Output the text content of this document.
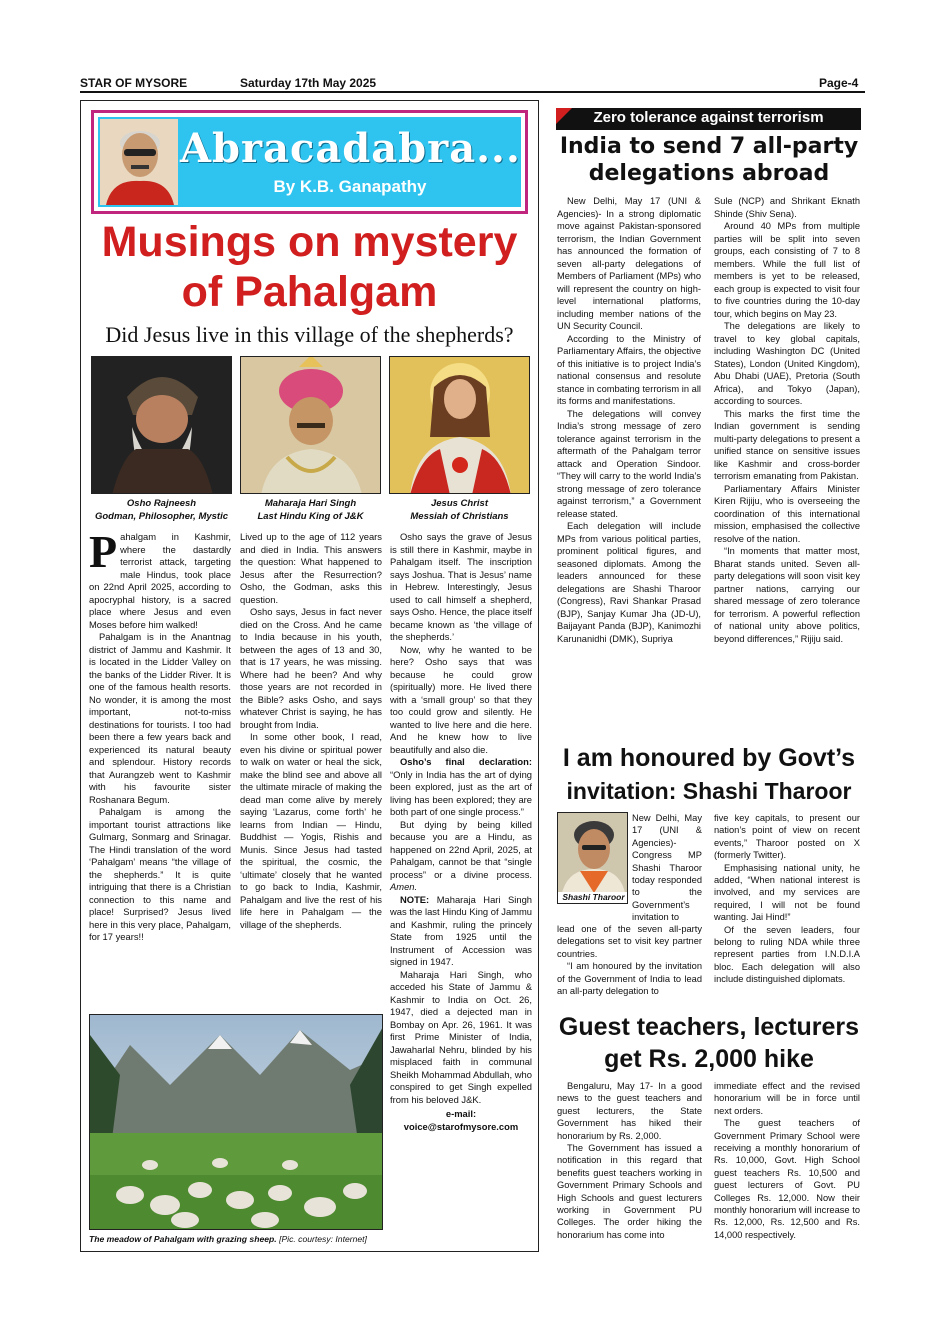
STAR OF MYSORE	Saturday 17th May 2025	Page-4
Abracadabra...
By K.B. Ganapathy
Musings on mystery
of Pahalgam
Did Jesus live in this village of the shepherds?
Osho Rajneesh
Godman, Philosopher, Mystic
Maharaja Hari Singh
Last Hindu King of J&K
Jesus Christ
Messiah of Christians

Pahalgam in Kashmir, where the dastardly terrorist attack, targeting male Hindus, took place on 22nd April 2025, according to apocryphal history, is a sacred place where Jesus and even Moses before him walked!

Pahalgam is in the Anantnag district of Jammu and Kashmir. It is located in the Lidder Valley on the banks of the Lidder River. It is one of the famous health resorts. No wonder, it is among the most important, not-to-miss destinations for tourists. I too had been there a few years back and experienced its natural beauty and splendour. History records that Aurangzeb went to Kashmir with his favourite sister Roshanara Begum.

Pahalgam is among the important tourist attractions like Gulmarg, Sonmarg and Srinagar. The Hindi translation of the word ‘Pahalgam’ means “the village of the shepherds.” It is quite intriguing that there is a Christian connection to this name and place! Surprised? Jesus lived here in this very place, Pahalgam, for 17 years!!

Lived up to the age of 112 years and died in India. This answers the question: What happened to Jesus after the Resurrection? Osho, the Godman, asks this question.

Osho says, Jesus in fact never died on the Cross. And he came to India because in his youth, between the ages of 13 and 30, that is 17 years, he was missing. Where had he been? And why those years are not recorded in the Bible? asks Osho, and says whatever Christ is saying, he has brought from India.

In some other book, I read, even his divine or spiritual power to walk on water or heal the sick, make the blind see and above all the ultimate miracle of making the dead man come alive by merely saying ‘Lazarus, come forth’ he learns from Indian — Hindu, Buddhist — Yogis, Rishis and Munis. Since Jesus had tasted the spiritual, the cosmic, the ‘ultimate’ closely that he wanted to go back to India, Kashmir, Pahalgam and live the rest of his life here in Pahalgam — the village of the shepherds.

Osho says the grave of Jesus is still there in Kashmir, maybe in Pahalgam itself. The inscription says Joshua. That is Jesus’ name in Hebrew. Interestingly, Jesus used to call himself a shepherd, says Osho. Hence, the place itself became known as ‘the village of the shepherds.’

Now, why he wanted to be here? Osho says that was because he could grow (spiritually) more. He lived there with a ‘small group’ so that they too could grow and silently. He wanted to live here and die here. And he knew how to live beautifully and also die.

Osho’s final declaration: “Only in India has the art of dying been explored, just as the art of living has been explored; they are both part of one single process.”

But dying by being killed because you are a Hindu, as happened on 22nd April, 2025, at Pahalgam, cannot be that “single process” or a divine process. Amen.

NOTE: Maharaja Hari Singh was the last Hindu King of Jammu and Kashmir, ruling the princely State from 1925 until the Instrument of Accession was signed in 1947.

Maharaja Hari Singh, who acceded his State of Jammu & Kashmir to India on Oct. 26, 1947, died a dejected man in Bombay on Apr. 26, 1961. It was first Prime Minister of India, Jawaharlal Nehru, blinded by his misplaced faith in communal Sheikh Mohammad Abdullah, who conspired to get Singh expelled from his beloved J&K.

e-mail:
voice@starofmysore.com
The meadow of Pahalgam with grazing sheep. [Pic. courtesy: Internet]
Zero tolerance against terrorism
India to send 7 all-party
delegations abroad

New Delhi, May 17 (UNI & Agencies)- In a strong diplomatic move against Pakistan-sponsored terrorism, the Indian Government has announced the formation of seven all-party delegations of Members of Parliament (MPs) who will represent the country on high-level international platforms, including member nations of the UN Security Council.

According to the Ministry of Parliamentary Affairs, the objective of this initiative is to project India’s national consensus and resolute stance in combating terrorism in all its forms and manifestations.

The delegations will convey India’s strong message of zero tolerance against terrorism in the aftermath of the Pahalgam terror attack and Operation Sindoor. “They will carry to the world India’s strong message of zero tolerance against terrorism,” a Government release stated.

Each delegation will include MPs from various political parties, prominent political figures, and seasoned diplomats. Among the leaders announced for these delegations are Shashi Tharoor (Congress), Ravi Shankar Prasad (BJP), Sanjay Kumar Jha (JD-U), Baijayant Panda (BJP), Kanimozhi Karunanidhi (DMK), Supriya

Sule (NCP) and Shrikant Eknath Shinde (Shiv Sena).

Around 40 MPs from multiple parties will be split into seven groups, each consisting of 7 to 8 members. While the full list of members is yet to be released, each group is expected to visit four to five countries during the 10-day tour, which begins on May 23.

The delegations are likely to travel to key global capitals, including Washington DC (United States), London (United Kingdom), Abu Dhabi (UAE), Pretoria (South Africa), and Tokyo (Japan), according to sources.

This marks the first time the Indian government is sending multi-party delegations to present a unified stance on sensitive issues like Kashmir and cross-border terrorism emanating from Pakistan.

Parliamentary Affairs Minister Kiren Rijiju, who is overseeing the coordination of this international mission, emphasised the collective resolve of the nation.

“In moments that matter most, Bharat stands united. Seven all-party delegations will soon visit key partner nations, carrying our shared message of zero tolerance for terrorism. A powerful reflection of national unity above politics, beyond differences,” Rijiju said.

I am honoured by Govt’s
invitation: Shashi Tharoor
Shashi Tharoor
New Delhi, May 17 (UNI & Agencies)- Congress MP Shashi Tharoor today responded to the Government’s invitation to

lead one of the seven all-party delegations set to visit key partner countries.

“I am honoured by the invitation of the Government of India to lead an all-party delegation to

five key capitals, to present our nation’s point of view on recent events,” Tharoor posted on X (formerly Twitter).

Emphasising national unity, he added, “When national interest is involved, and my services are required, I will not be found wanting. Jai Hind!”

Of the seven leaders, four belong to ruling NDA while three represent parties from I.N.D.I.A bloc. Each delegation will also include distinguished diplomats.

Guest teachers, lecturers
get Rs. 2,000 hike

Bengaluru, May 17- In a good news to the guest teachers and guest lecturers, the State Government has hiked their honorarium by Rs. 2,000.

The Government has issued a notification in this regard that benefits guest teachers working in Government Primary Schools and High Schools and guest lecturers working in Government PU Colleges. The order hiking the honorarium has come into

immediate effect and the revised honorarium will be in force until next orders.

The guest teachers of Government Primary School were receiving a monthly honorarium of Rs. 10,000, Govt. High School guest teachers Rs. 10,500 and guest lecturers of Govt. PU Colleges Rs. 12,000. Now their monthly honorarium will increase to Rs. 12,000, Rs. 12,500 and Rs. 14,000 respectively.
